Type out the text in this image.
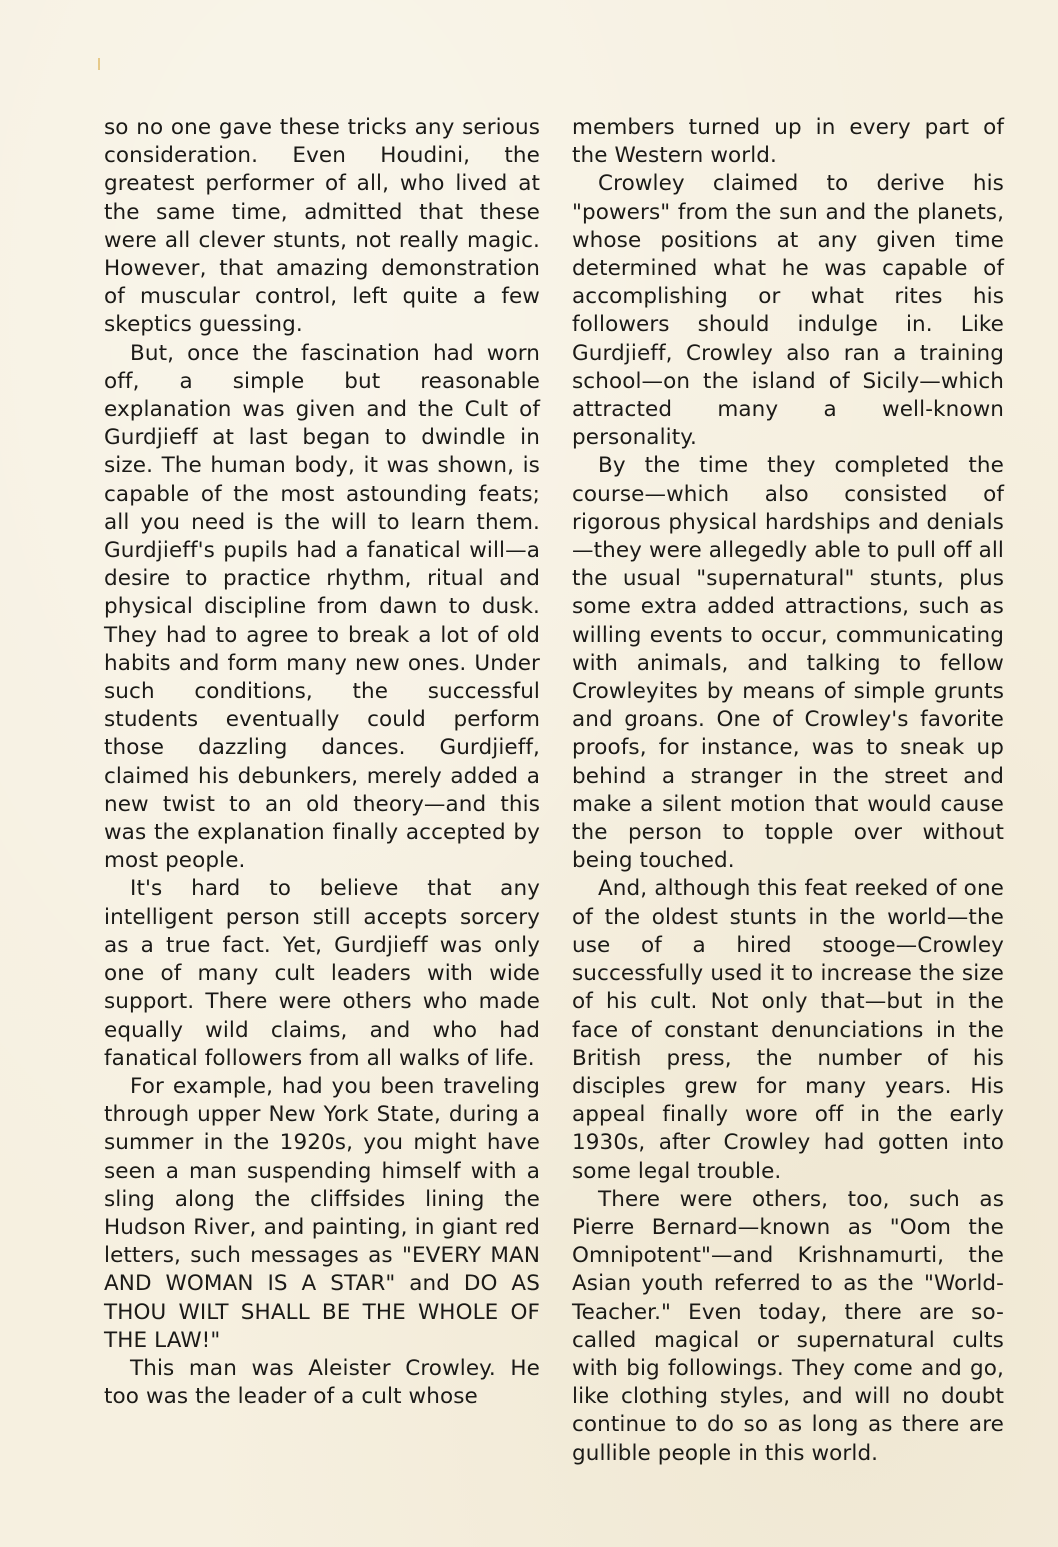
so no one gave these tricks any serious consideration. Even Houdini, the greatest performer of all, who lived at the same time, admitted that these were all clever stunts, not really magic. However, that amazing demonstration of muscular control, left quite a few skeptics guessing.

But, once the fascination had worn off, a simple but reasonable explanation was given and the Cult of Gurdjieff at last began to dwindle in size. The human body, it was shown, is capable of the most astounding feats; all you need is the will to learn them. Gurdjieff's pupils had a fanatical will—a desire to practice rhythm, ritual and physical discipline from dawn to dusk. They had to agree to break a lot of old habits and form many new ones. Under such conditions, the successful students eventually could perform those dazzling dances. Gurdjieff, claimed his debunkers, merely added a new twist to an old theory—and this was the explanation finally accepted by most people.

It's hard to believe that any intelligent person still accepts sorcery as a true fact. Yet, Gurdjieff was only one of many cult leaders with wide support. There were others who made equally wild claims, and who had fanatical followers from all walks of life.

For example, had you been traveling through upper New York State, during a summer in the 1920s, you might have seen a man suspending himself with a sling along the cliffsides lining the Hudson River, and painting, in giant red letters, such messages as "EVERY MAN AND WOMAN IS A STAR" and DO AS THOU WILT SHALL BE THE WHOLE OF THE LAW!"

This man was Aleister Crowley. He too was the leader of a cult whose

members turned up in every part of the Western world.

Crowley claimed to derive his "powers" from the sun and the planets, whose positions at any given time determined what he was capable of accomplishing or what rites his followers should indulge in. Like Gurdjieff, Crowley also ran a training school—on the island of Sicily—which attracted many a well-known personality.

By the time they completed the course—which also consisted of rigorous physical hardships and denials—they were allegedly able to pull off all the usual "supernatural" stunts, plus some extra added attractions, such as willing events to occur, communicating with animals, and talking to fellow Crowleyites by means of simple grunts and groans. One of Crowley's favorite proofs, for instance, was to sneak up behind a stranger in the street and make a silent motion that would cause the person to topple over without being touched.

And, although this feat reeked of one of the oldest stunts in the world—the use of a hired stooge—Crowley successfully used it to increase the size of his cult. Not only that—but in the face of constant denunciations in the British press, the number of his disciples grew for many years. His appeal finally wore off in the early 1930s, after Crowley had gotten into some legal trouble.

There were others, too, such as Pierre Bernard—known as "Oom the Omnipotent"—and Krishnamurti, the Asian youth referred to as the "World-Teacher." Even today, there are so-called magical or supernatural cults with big followings. They come and go, like clothing styles, and will no doubt continue to do so as long as there are gullible people in this world.
